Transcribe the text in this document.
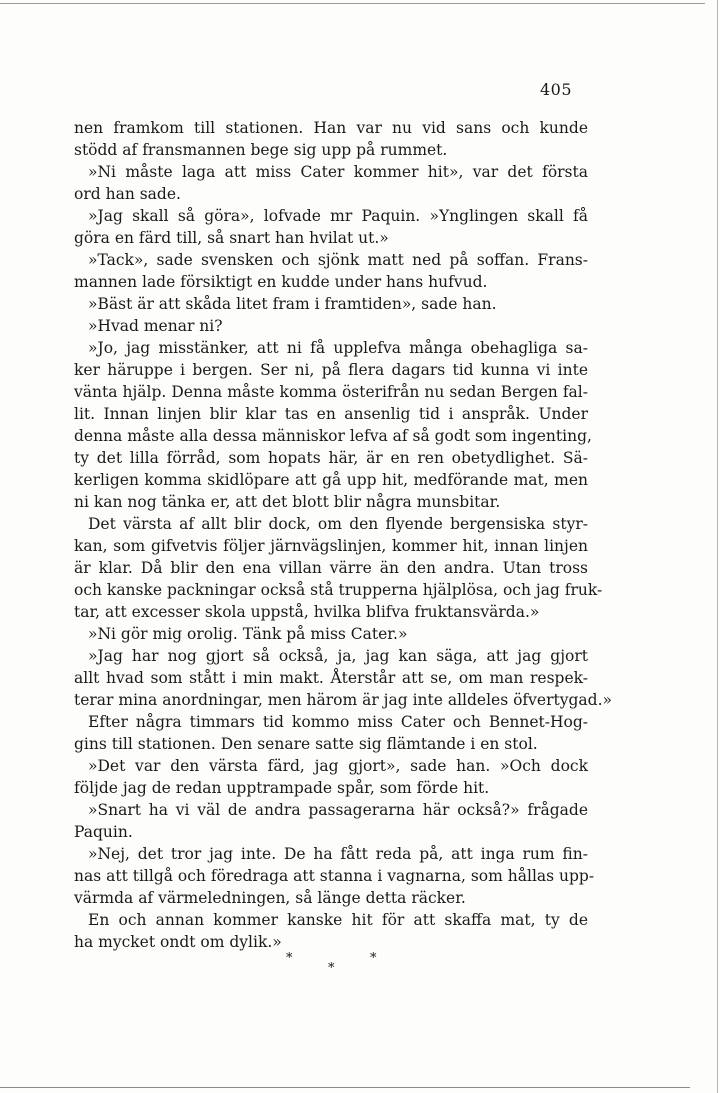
405
nen framkom till stationen. Han var nu vid sans och kunde
stödd af fransmannen bege sig upp på rummet.
»Ni måste laga att miss Cater kommer hit», var det första
ord han sade.
»Jag skall så göra», lofvade mr Paquin. »Ynglingen skall få
göra en färd till, så snart han hvilat ut.»
»Tack», sade svensken och sjönk matt ned på soffan. Frans-
mannen lade försiktigt en kudde under hans hufvud.
»Bäst är att skåda litet fram i framtiden», sade han.
»Hvad menar ni?
»Jo, jag misstänker, att ni få upplefva många obehagliga sa-
ker häruppe i bergen. Ser ni, på flera dagars tid kunna vi inte
vänta hjälp. Denna måste komma österifrån nu sedan Bergen fal-
lit. Innan linjen blir klar tas en ansenlig tid i anspråk. Under
denna måste alla dessa människor lefva af så godt som ingenting,
ty det lilla förråd, som hopats här, är en ren obetydlighet. Sä-
kerligen komma skidlöpare att gå upp hit, medförande mat, men
ni kan nog tänka er, att det blott blir några munsbitar.
Det värsta af allt blir dock, om den flyende bergensiska styr-
kan, som gifvetvis följer järnvägslinjen, kommer hit, innan linjen
är klar. Då blir den ena villan värre än den andra. Utan tross
och kanske packningar också stå trupperna hjälplösa, och jag fruk-
tar, att excesser skola uppstå, hvilka blifva fruktansvärda.»
»Ni gör mig orolig. Tänk på miss Cater.»
»Jag har nog gjort så också, ja, jag kan säga, att jag gjort
allt hvad som stått i min makt. Återstår att se, om man respek-
terar mina anordningar, men härom är jag inte alldeles öfvertygad.»
Efter några timmars tid kommo miss Cater och Bennet-Hog-
gins till stationen. Den senare satte sig flämtande i en stol.
»Det var den värsta färd, jag gjort», sade han. »Och dock
följde jag de redan upptrampade spår, som förde hit.
»Snart ha vi väl de andra passagerarna här också?» frågade
Paquin.
»Nej, det tror jag inte. De ha fått reda på, att inga rum fin-
nas att tillgå och föredraga att stanna i vagnarna, som hållas upp-
värmda af värmeledningen, så länge detta räcker.
En och annan kommer kanske hit för att skaffa mat, ty de
ha mycket ondt om dylik.»
*
*
*
